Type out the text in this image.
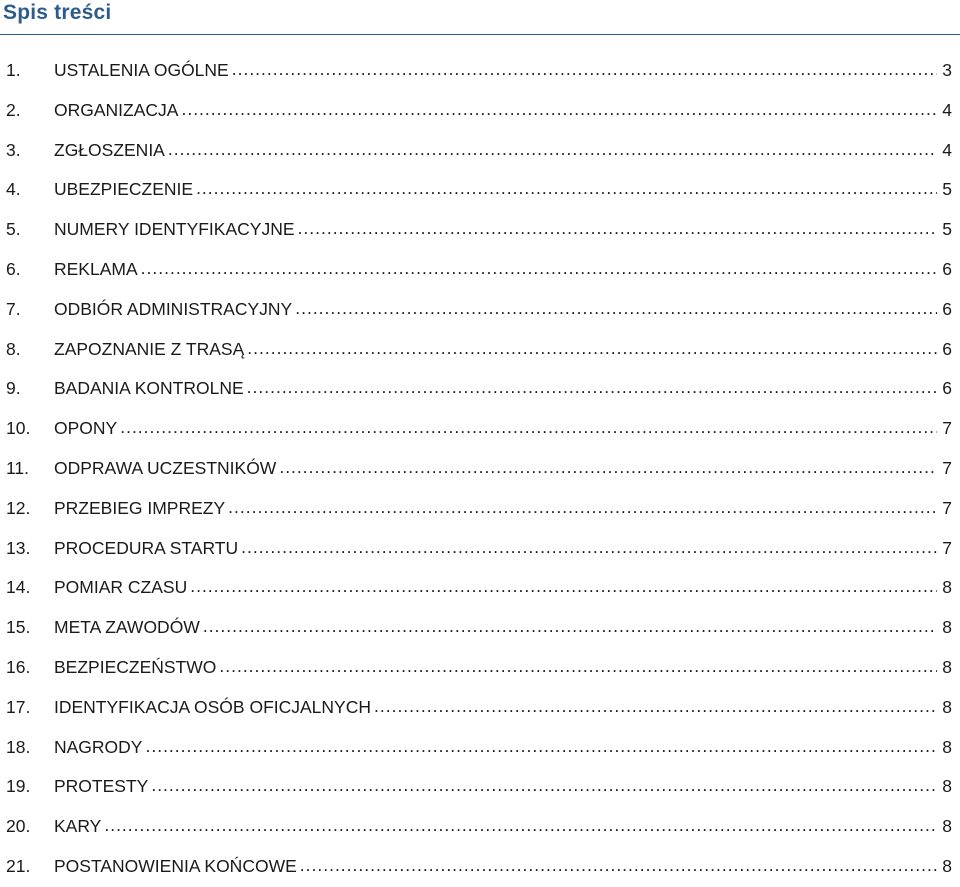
Spis treści
1.	USTALENIA OGÓLNE .....	3
2.	ORGANIZACJA .....	4
3.	ZGŁOSZENIA .....	4
4.	UBEZPIECZENIE .....	5
5.	NUMERY IDENTYFIKACYJNE .....	5
6.	REKLAMA .....	6
7.	ODBIÓR ADMINISTRACYJNY .....	6
8.	ZAPOZNANIE Z TRASĄ .....	6
9.	BADANIA KONTROLNE .....	6
10.	OPONY .....	7
11.	ODPRAWA UCZESTNIKÓW .....	7
12.	PRZEBIEG IMPREZY .....	7
13.	PROCEDURA STARTU .....	7
14.	POMIAR CZASU .....	8
15.	META ZAWODÓW .....	8
16.	BEZPIECZEŃSTWO .....	8
17.	IDENTYFIKACJA OSÓB OFICJALNYCH .....	8
18.	NAGRODY .....	8
19.	PROTESTY .....	8
20.	KARY .....	8
21.	POSTANOWIENIA KOŃCOWE .....	8
